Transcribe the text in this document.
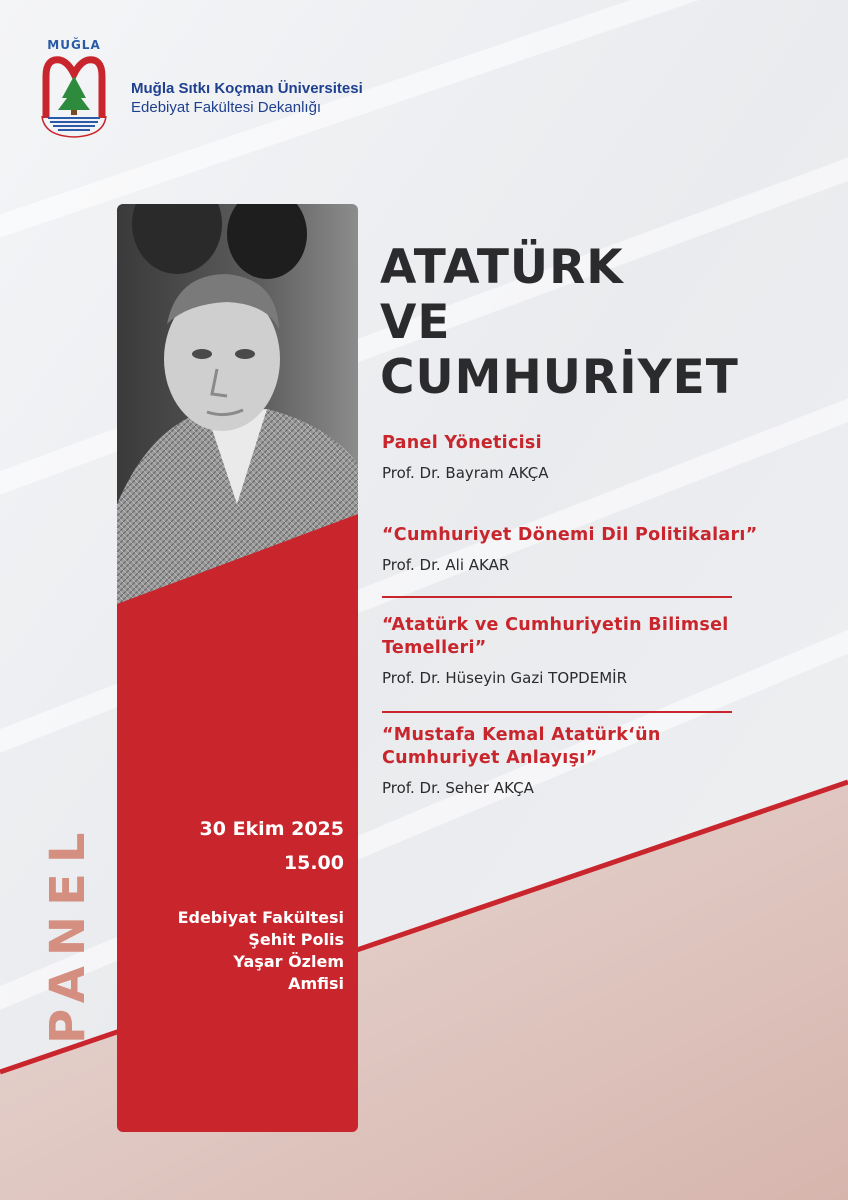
MUĞLA
Muğla Sıtkı Koçman Üniversitesi
Edebiyat Fakültesi Dekanlığı
ATATÜRK
VE
CUMHURİYET
Panel Yöneticisi
Prof. Dr. Bayram AKÇA
“Cumhuriyet Dönemi Dil Politikaları”
Prof. Dr. Ali AKAR
“Atatürk ve Cumhuriyetin Bilimsel
Temelleri”
Prof. Dr. Hüseyin Gazi TOPDEMİR
“Mustafa Kemal Atatürk‘ün
Cumhuriyet Anlayışı”
Prof. Dr. Seher AKÇA
30 Ekim 2025
15.00
Edebiyat Fakültesi
Şehit Polis
Yaşar Özlem
Amfisi
PANEL
